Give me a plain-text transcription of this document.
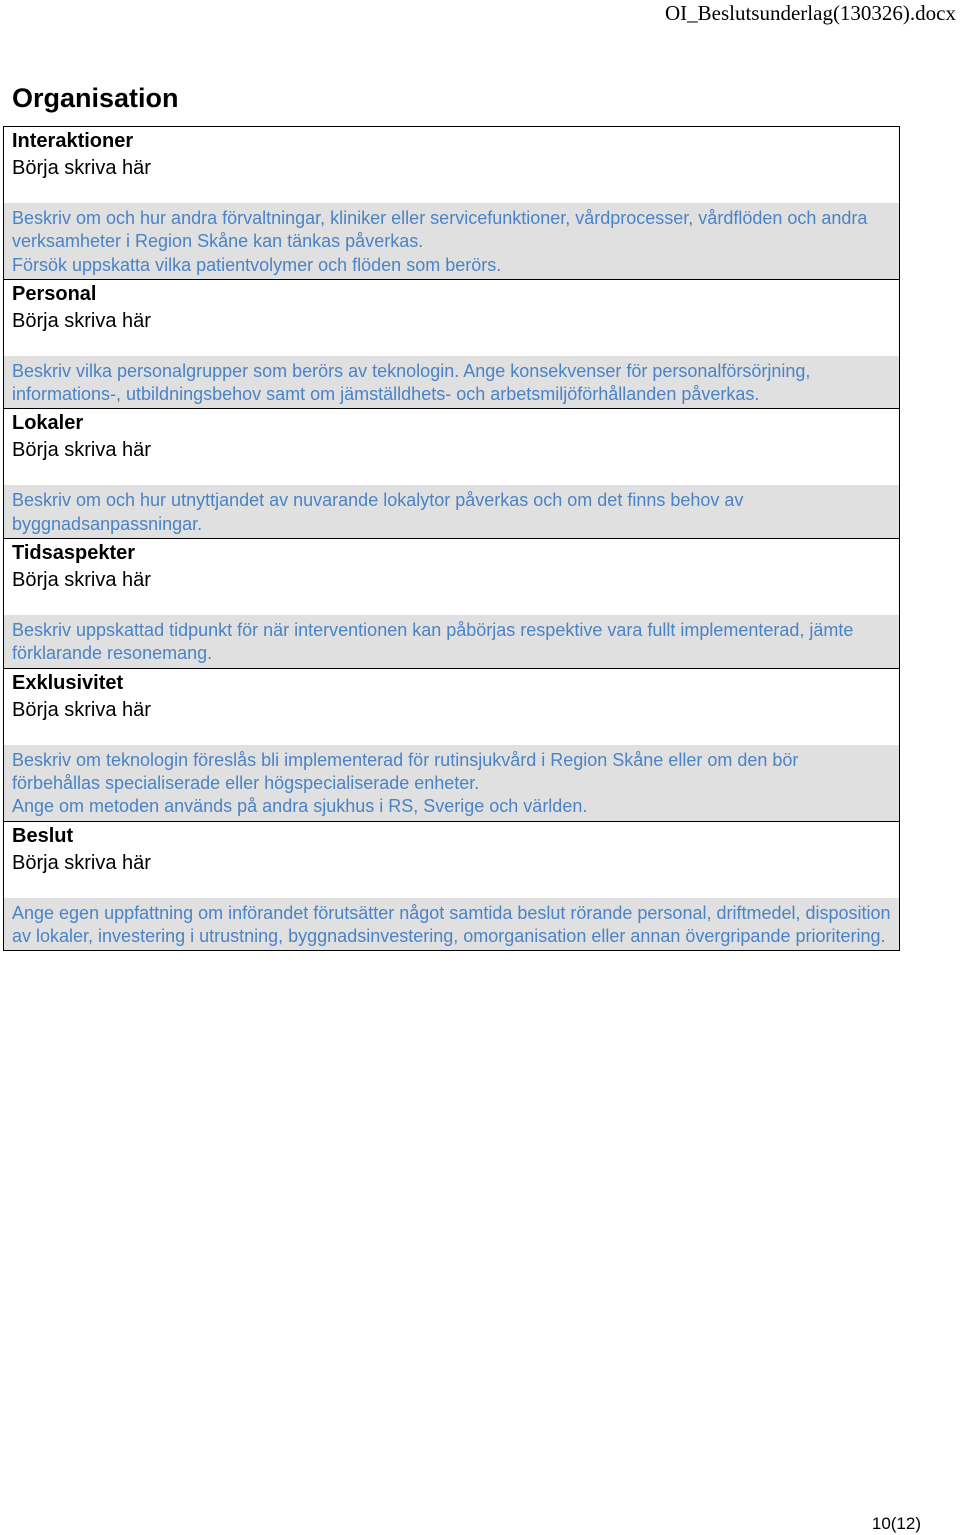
OI_Beslutsunderlag(130326).docx
Organisation
Interaktioner
Börja skriva här
Beskriv om och hur andra förvaltningar, kliniker eller servicefunktioner, vårdprocesser, vårdflöden och andra verksamheter i Region Skåne kan tänkas påverkas.
Försök uppskatta vilka patientvolymer och flöden som berörs.
Personal
Börja skriva här
Beskriv vilka personalgrupper som berörs av teknologin. Ange konsekvenser för personalförsörjning, informations-, utbildningsbehov samt om jämställdhets- och arbetsmiljöförhållanden påverkas.
Lokaler
Börja skriva här
Beskriv om och hur utnyttjandet av nuvarande lokalytor påverkas och om det finns behov av byggnadsanpassningar.
Tidsaspekter
Börja skriva här
Beskriv uppskattad tidpunkt för när interventionen kan påbörjas respektive vara fullt implementerad, jämte förklarande resonemang.
Exklusivitet
Börja skriva här
Beskriv om teknologin föreslås bli implementerad för rutinsjukvård i Region Skåne eller om den bör förbehållas specialiserade eller högspecialiserade enheter.
Ange om metoden används på andra sjukhus i RS, Sverige och världen.
Beslut
Börja skriva här
Ange egen uppfattning om införandet förutsätter något samtida beslut rörande personal, driftmedel, disposition av lokaler, investering i utrustning, byggnadsinvestering, omorganisation eller annan övergripande prioritering.
10(12)
